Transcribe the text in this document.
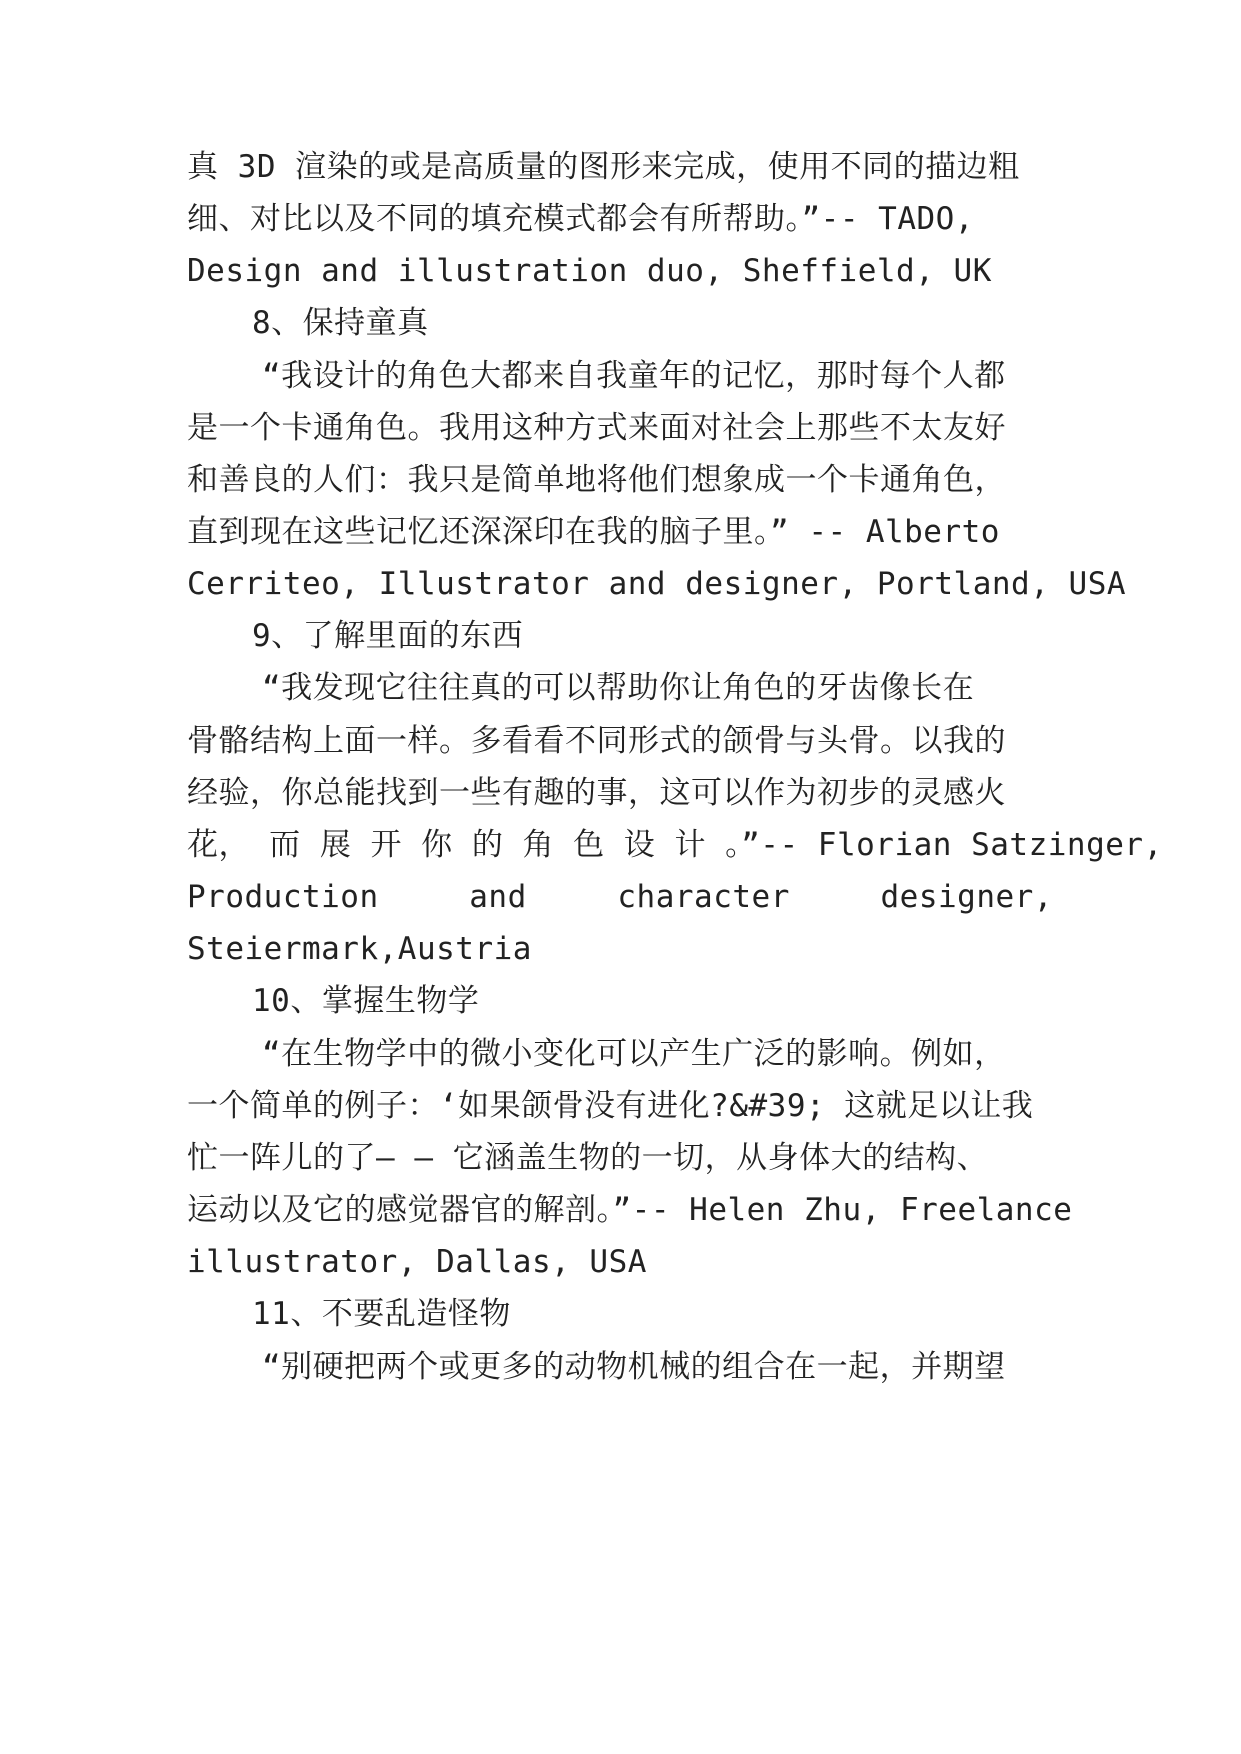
真 3D 渲染的或是高质量的图形来完成，使用不同的描边粗
细、对比以及不同的填充模式都会有所帮助。”-- TADO,
Design and illustration duo, Sheffield, UK
8、保持童真
“我设计的角色大都来自我童年的记忆，那时每个人都
是一个卡通角色。我用这种方式来面对社会上那些不太友好
和善良的人们：我只是简单地将他们想象成一个卡通角色，
直到现在这些记忆还深深印在我的脑子里。” -- Alberto
Cerriteo, Illustrator and designer, Portland, USA
9、了解里面的东西
“我发现它往往真的可以帮助你让角色的牙齿像长在
骨骼结构上面一样。多看看不同形式的颌骨与头骨。以我的
经验，你总能找到一些有趣的事，这可以作为初步的灵感火
花， 而 展 开 你 的 角 色 设 计 。”-- Florian Satzinger,
Production	and	character	designer,
Steiermark,Austria
10、掌握生物学
“在生物学中的微小变化可以产生广泛的影响。例如，
一个简单的例子：‘如果颌骨没有进化?&#39; 这就足以让我
忙一阵儿的了— — 它涵盖生物的一切，从身体大的结构、
运动以及它的感觉器官的解剖。”-- Helen Zhu, Freelance
illustrator, Dallas, USA
11、不要乱造怪物
“别硬把两个或更多的动物机械的组合在一起，并期望
